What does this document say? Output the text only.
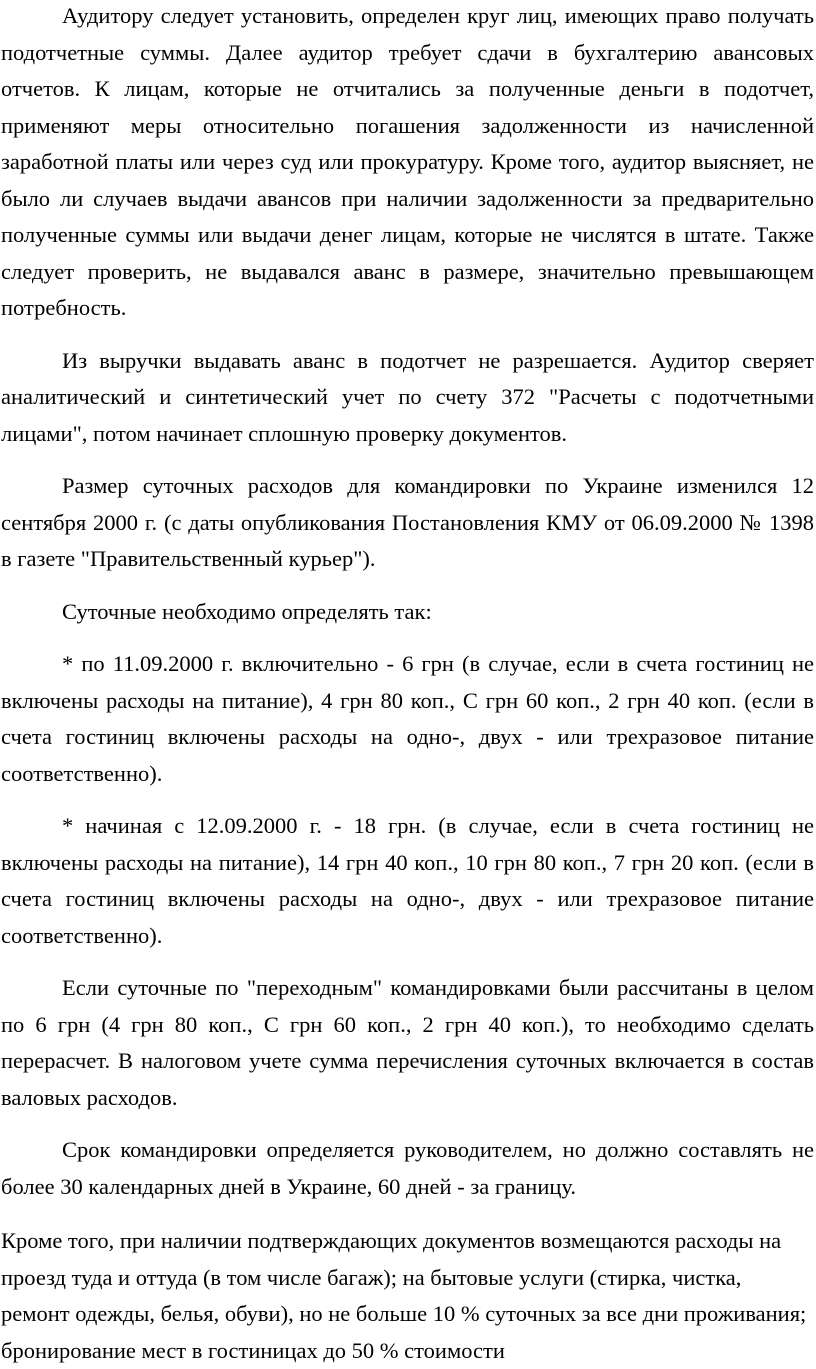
Аудитору следует установить, определен круг лиц, имеющих право получать подотчетные суммы. Далее аудитор требует сдачи в бухгалтерию авансовых отчетов. К лицам, которые не отчитались за полученные деньги в подотчет, применяют меры относительно погашения задолженности из начисленной заработной платы или через суд или прокуратуру. Кроме того, аудитор выясняет, не было ли случаев выдачи авансов при наличии задолженности за предварительно полученные суммы или выдачи денег лицам, которые не числятся в штате. Также следует проверить, не выдавался аванс в размере, значительно превышающем потребность.

Из выручки выдавать аванс в подотчет не разрешается. Аудитор сверяет аналитический и синтетический учет по счету 372 "Расчеты с подотчетными лицами", потом начинает сплошную проверку документов.

Размер суточных расходов для командировки по Украине изменился 12 сентября 2000 г. (с даты опубликования Постановления КМУ от 06.09.2000 № 1398 в газете "Правительственный курьер").

Суточные необходимо определять так:

* по 11.09.2000 г. включительно - 6 грн (в случае, если в счета гостиниц не включены расходы на питание), 4 грн 80 коп., С грн 60 коп., 2 грн 40 коп. (если в счета гостиниц включены расходы на одно-, двух - или трехразовое питание соответственно).

* начиная с 12.09.2000 г. - 18 грн. (в случае, если в счета гостиниц не включены расходы на питание), 14 грн 40 коп., 10 грн 80 коп., 7 грн 20 коп. (если в счета гостиниц включены расходы на одно-, двух - или трехразовое питание соответственно).

Если суточные по "переходным" командировками были рассчитаны в целом по 6 грн (4 грн 80 коп., С грн 60 коп., 2 грн 40 коп.), то необходимо сделать перерасчет. В налоговом учете сумма перечисления суточных включается в состав валовых расходов.

Срок командировки определяется руководителем, но должно составлять не более 30 календарных дней в Украине, 60 дней - за границу.

Кроме того, при наличии подтверждающих документов возмещаются расходы на проезд туда и оттуда (в том числе багаж); на бытовые услуги (стирка, чистка, ремонт одежды, белья, обуви), но не больше 10 % суточных за все дни проживания; бронирование мест в гостиницах до 50 % стоимости
